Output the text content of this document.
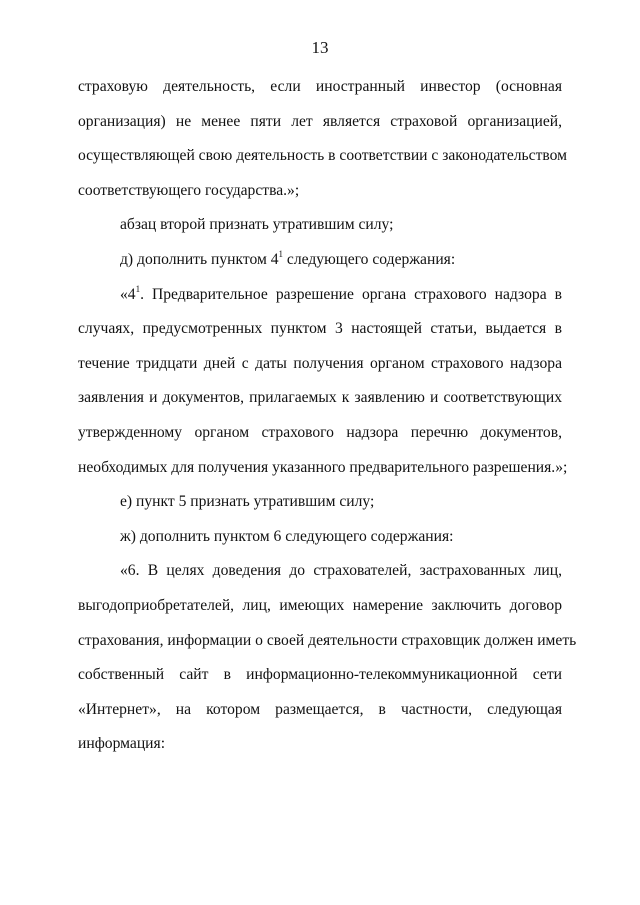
13
страховую деятельность, если иностранный инвестор (основная
организация) не менее пяти лет является страховой организацией,
осуществляющей свою деятельность в соответствии с законодательством
соответствующего государства.»;
абзац второй признать утратившим силу;
д) дополнить пунктом $4^1$ следующего содержания:
«$4^1$. Предварительное разрешение органа страхового надзора в
случаях, предусмотренных пунктом 3 настоящей статьи, выдается в
течение тридцати дней с даты получения органом страхового надзора
заявления и документов, прилагаемых к заявлению и соответствующих
утвержденному органом страхового надзора перечню документов,
необходимых для получения указанного предварительного разрешения.»;
е) пункт 5 признать утратившим силу;
ж) дополнить пунктом 6 следующего содержания:
«6. В целях доведения до страхователей, застрахованных лиц,
выгодоприобретателей, лиц, имеющих намерение заключить договор
страхования, информации о своей деятельности страховщик должен иметь
собственный сайт в информационно-телекоммуникационной сети
«Интернет», на котором размещается, в частности, следующая
информация:
